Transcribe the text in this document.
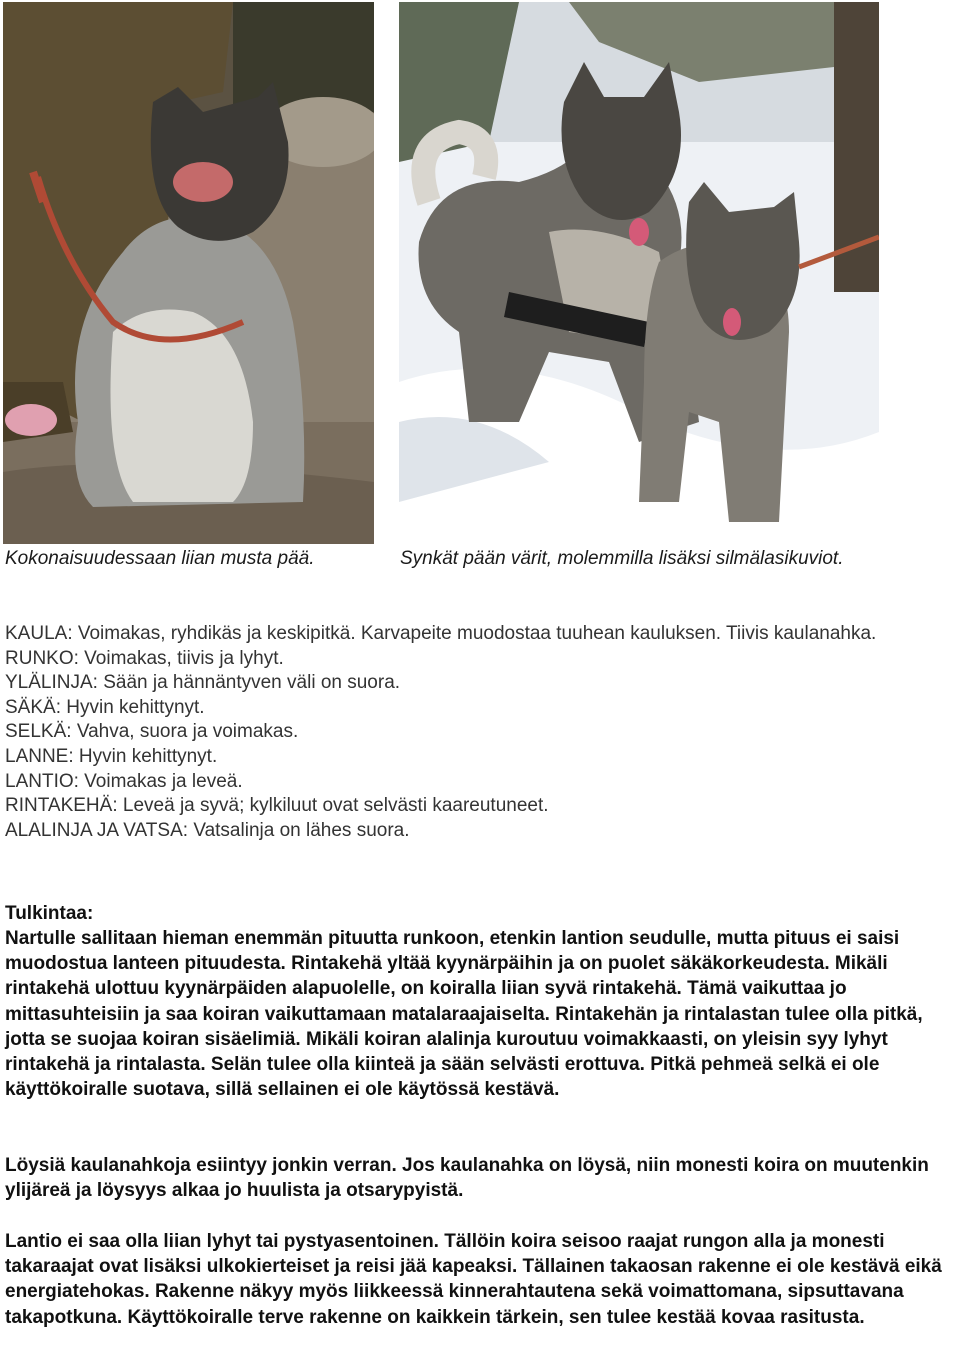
Kokonaisuudessaan liian musta pää.	Synkät pään värit, molemmilla lisäksi silmälasikuviot.

KAULA: Voimakas, ryhdikäs ja keskipitkä. Karvapeite muodostaa tuuhean kauluksen. Tiivis kaulanahka.

RUNKO: Voimakas, tiivis ja lyhyt.

YLÄLINJA: Sään ja hännäntyven väli on suora.

SÄKÄ: Hyvin kehittynyt.

SELKÄ: Vahva, suora ja voimakas.

LANNE: Hyvin kehittynyt.

LANTIO: Voimakas ja leveä.

RINTAKEHÄ: Leveä ja syvä; kylkiluut ovat selvästi kaareutuneet.

ALALINJA JA VATSA: Vatsalinja on lähes suora.

Tulkintaa:

Nartulle sallitaan hieman enemmän pituutta runkoon, etenkin lantion seudulle, mutta pituus ei saisi muodostua lanteen pituudesta. Rintakehä yltää kyynärpäihin ja on puolet säkäkorkeudesta. Mikäli rintakehä ulottuu kyynärpäiden alapuolelle, on koiralla liian syvä rintakehä. Tämä vaikuttaa jo mittasuhteisiin ja saa koiran vaikuttamaan matalaraajaiselta. Rintakehän ja rintalastan tulee olla pitkä, jotta se suojaa koiran sisäelimiä. Mikäli koiran alalinja kuroutuu voimakkaasti, on yleisin syy lyhyt rintakehä ja rintalasta. Selän tulee olla kiinteä ja sään selvästi erottuva. Pitkä pehmeä selkä ei ole käyttökoiralle suotava, sillä sellainen ei ole käytössä kestävä.

Löysiä kaulanahkoja esiintyy jonkin verran. Jos kaulanahka on löysä, niin monesti koira on muutenkin ylijäreä ja löysyys alkaa jo huulista ja otsarypyistä.

Lantio ei saa olla liian lyhyt tai pystyasentoinen. Tällöin koira seisoo raajat rungon alla ja monesti takaraajat ovat lisäksi ulkokierteiset ja reisi jää kapeaksi. Tällainen takaosan rakenne ei ole kestävä eikä energiatehokas. Rakenne näkyy myös liikkeessä kinnerahtautena sekä voimattomana, sipsuttavana takapotkuna. Käyttökoiralle terve rakenne on kaikkein tärkein, sen tulee kestää kovaa rasitusta.
